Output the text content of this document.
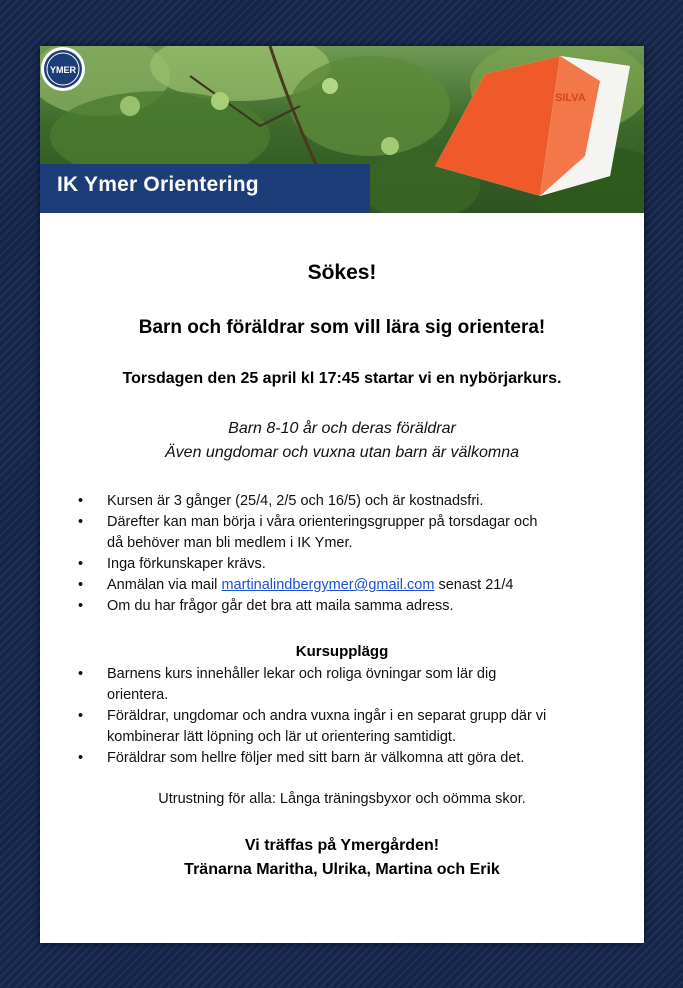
SILVA
IK Ymer Orientering
YMER
Sökes!
Barn och föräldrar som vill lära sig orientera!
Torsdagen den 25 april kl 17:45 startar vi en nybörjarkurs.
Barn 8-10 år och deras föräldrar
Även ungdomar och vuxna utan barn är välkomna
• Kursen är 3 gånger (25/4, 2/5 och 16/5) och är kostnadsfri.
• Därefter kan man börja i våra orienteringsgrupper på torsdagar och
då behöver man bli medlem i IK Ymer.
• Inga förkunskaper krävs.
• Anmälan via mail martinalindbergymer@gmail.com senast 21/4
• Om du har frågor går det bra att maila samma adress.
Kursupplägg
• Barnens kurs innehåller lekar och roliga övningar som lär dig
orientera.
• Föräldrar, ungdomar och andra vuxna ingår i en separat grupp där vi
kombinerar lätt löpning och lär ut orientering samtidigt.
• Föräldrar som hellre följer med sitt barn är välkomna att göra det.
Utrustning för alla: Långa träningsbyxor och oömma skor.
Vi träffas på Ymergården!
Tränarna Maritha, Ulrika, Martina och Erik
